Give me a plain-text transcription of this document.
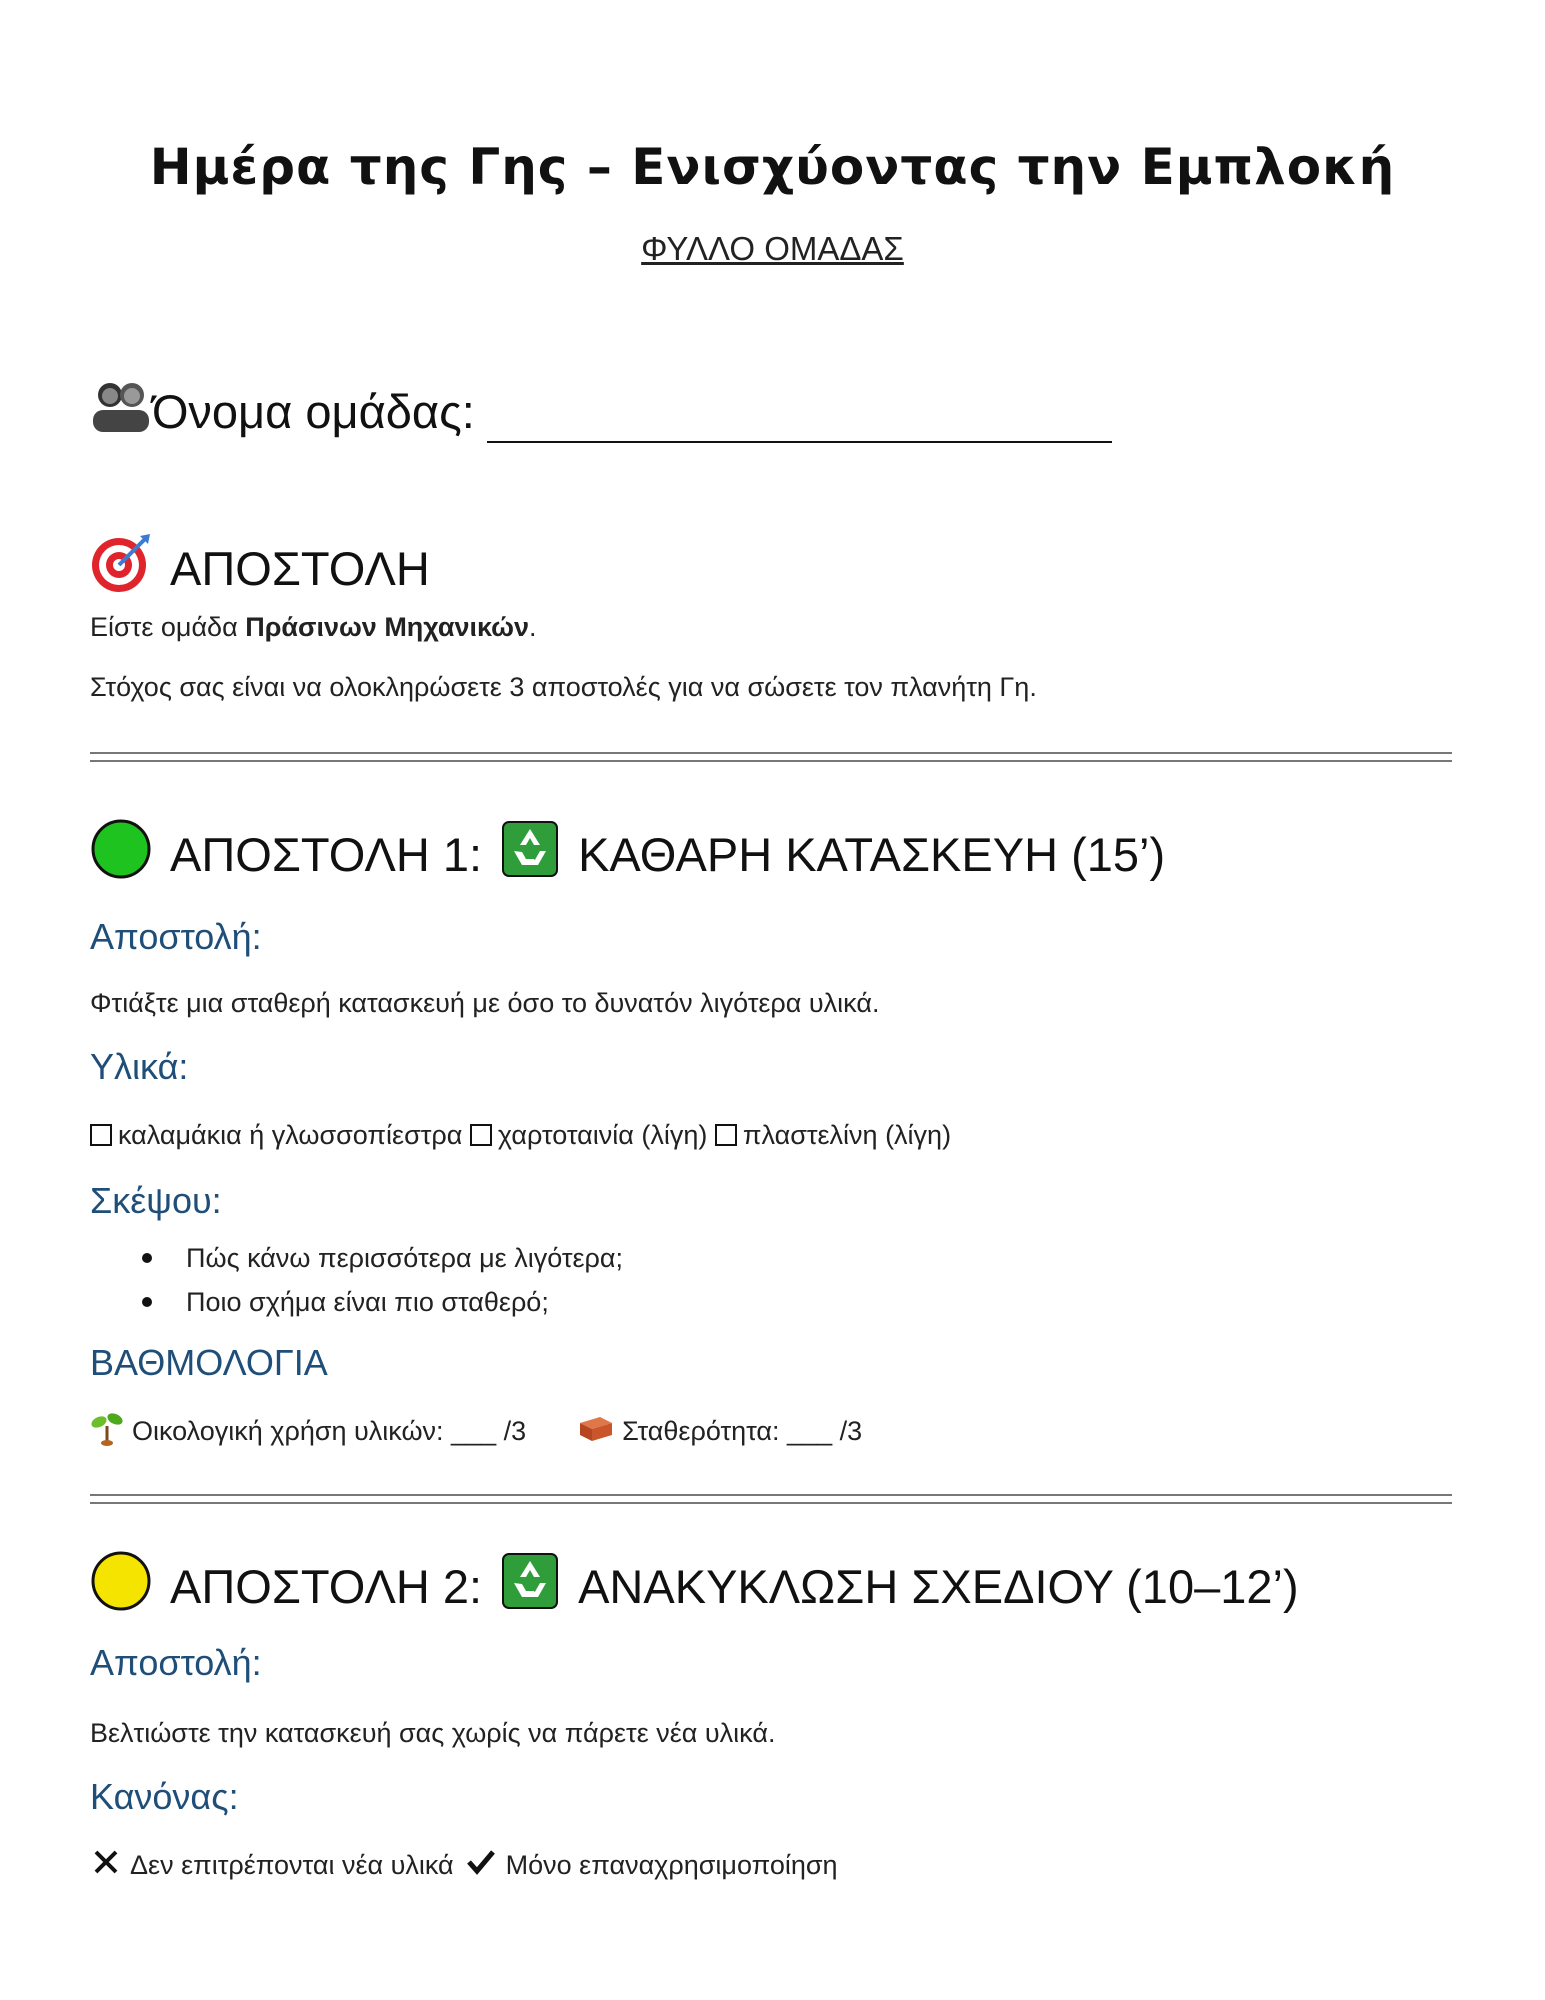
Ημέρα της Γης – Ενισχύοντας την Εμπλοκή
ΦΥΛΛΟ ΟΜΑΔΑΣ
Όνομα ομάδας:
ΑΠΟΣΤΟΛΗ
Είστε ομάδα Πράσινων Μηχανικών.
Στόχος σας είναι να ολοκληρώσετε 3 αποστολές για να σώσετε τον πλανήτη Γη.
ΑΠΟΣΤΟΛΗ 1: ΚΑΘΑΡΗ ΚΑΤΑΣΚΕΥΗ (15’)
Αποστολή:
Φτιάξτε μια σταθερή κατασκευή με όσο το δυνατόν λιγότερα υλικά.
Υλικά:
καλαμάκια ή γλωσσοπίεστρα χαρτοταινία (λίγη) πλαστελίνη (λίγη)
Σκέψου:
Πώς κάνω περισσότερα με λιγότερα;
Ποιο σχήμα είναι πιο σταθερό;
ΒΑΘΜΟΛΟΓΙΑ
Οικολογική χρήση υλικών: ___ /3	Σταθερότητα: ___ /3
ΑΠΟΣΤΟΛΗ 2: ΑΝΑΚΥΚΛΩΣΗ ΣΧΕΔΙΟΥ (10–12’)
Αποστολή:
Βελτιώστε την κατασκευή σας χωρίς να πάρετε νέα υλικά.
Κανόνας:
Δεν επιτρέπονται νέα υλικά Μόνο επαναχρησιμοποίηση
